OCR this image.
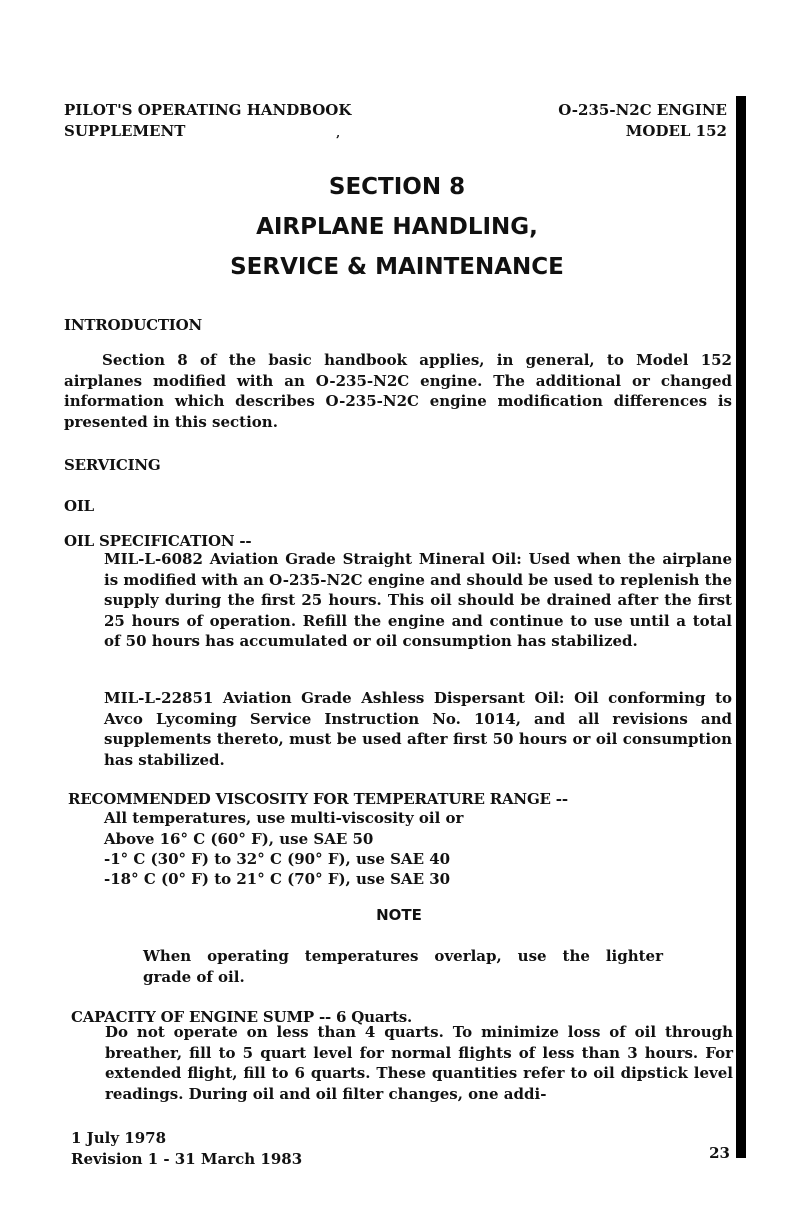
PILOT'S OPERATING HANDBOOK
SUPPLEMENT	‚
O-235-N2C ENGINE
MODEL 152
SECTION 8
AIRPLANE HANDLING,
SERVICE & MAINTENANCE
INTRODUCTION

Section 8 of the basic handbook applies, in general, to Model 152 airplanes modified with an O-235-N2C engine. The additional or changed information which describes O-235-N2C engine modification differences is presented in this section.

SERVICING
OIL
OIL SPECIFICATION --

MIL-L-6082 Aviation Grade Straight Mineral Oil: Used when the airplane is modified with an O-235-N2C engine and should be used to replenish the supply during the first 25 hours. This oil should be drained after the first 25 hours of operation. Refill the engine and continue to use until a total of 50 hours has accumulated or oil consumption has stabilized.

MIL-L-22851 Aviation Grade Ashless Dispersant Oil: Oil conforming to Avco Lycoming Service Instruction No. 1014, and all revisions and supplements thereto, must be used after first 50 hours or oil consumption has stabilized.

RECOMMENDED VISCOSITY FOR TEMPERATURE RANGE --
All temperatures, use multi-viscosity oil or
Above 16° C (60° F), use SAE 50
-1° C (30° F) to 32° C (90° F), use SAE 40
-18° C (0° F) to 21° C (70° F), use SAE 30
NOTE

When operating temperatures overlap, use the lighter

grade of oil.
CAPACITY OF ENGINE SUMP -- 6 Quarts.

Do not operate on less than 4 quarts. To minimize loss of oil through breather, fill to 5 quart level for normal flights of less than 3 hours. For extended flight, fill to 6 quarts. These quantities refer to oil dipstick level readings. During oil and oil filter changes, one addi-

1 July 1978
Revision 1 - 31 March 1983	23
